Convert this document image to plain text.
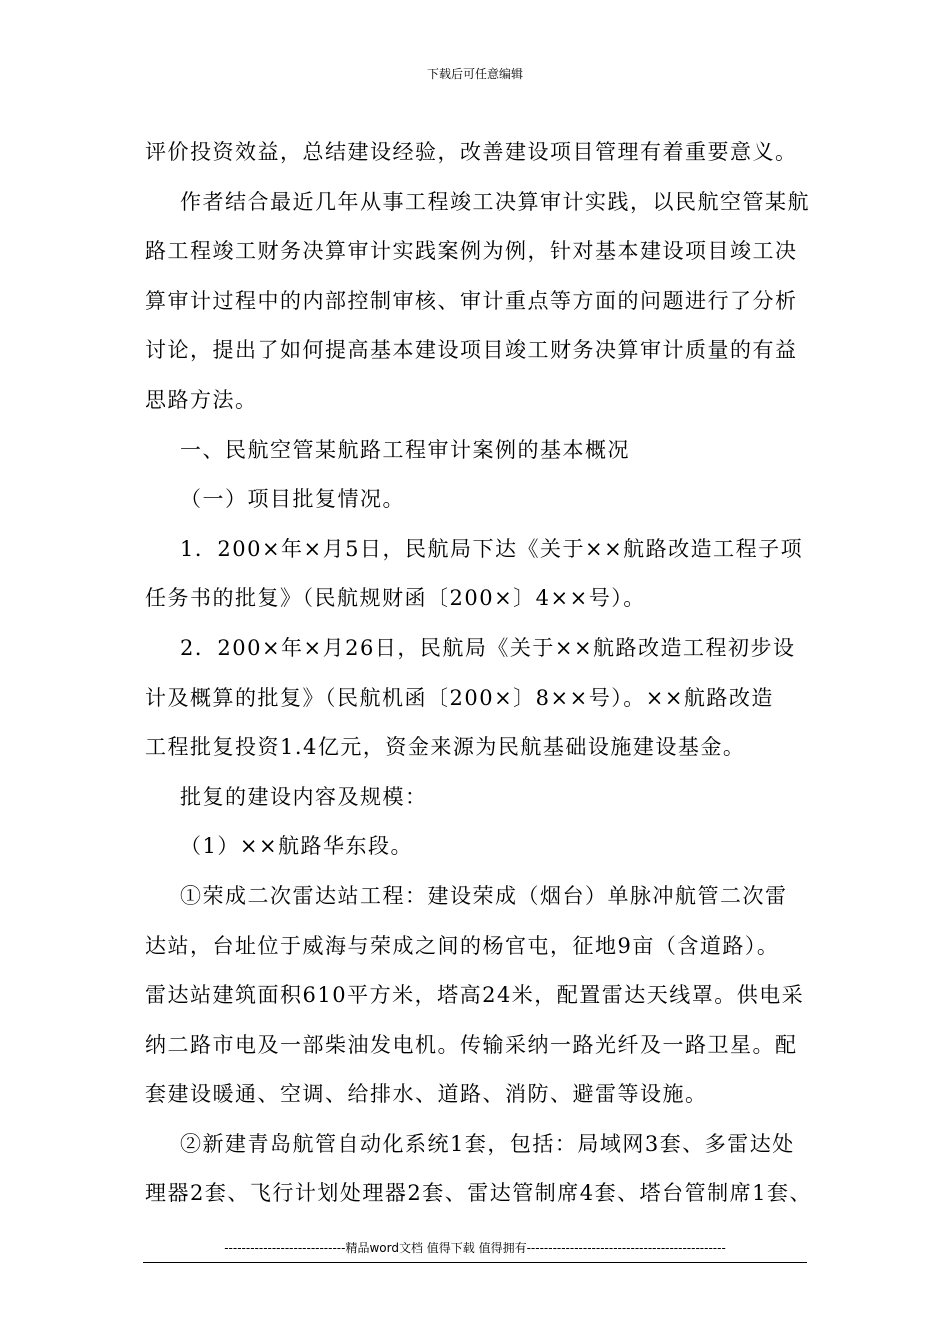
下载后可任意编辑
评价投资效益，总结建设经验，改善建设项目管理有着重要意义。
作者结合最近几年从事工程竣工决算审计实践，以民航空管某航
路工程竣工财务决算审计实践案例为例，针对基本建设项目竣工决
算审计过程中的内部控制审核、审计重点等方面的问题进行了分析
讨论，提出了如何提高基本建设项目竣工财务决算审计质量的有益
思路方法。
一、民航空管某航路工程审计案例的基本概况
（一）项目批复情况。
1．200×年×月5日，民航局下达《关于××航路改造工程子项
任务书的批复》（民航规财函〔200×〕4××号）。
2．200×年×月26日，民航局《关于××航路改造工程初步设
计及概算的批复》（民航机函〔200×〕8××号）。××航路改造
工程批复投资1.4亿元，资金来源为民航基础设施建设基金。
批复的建设内容及规模：
（1）××航路华东段。
①荣成二次雷达站工程：建设荣成（烟台）单脉冲航管二次雷
达站，台址位于威海与荣成之间的杨官屯，征地9亩（含道路）。
雷达站建筑面积610平方米，塔高24米，配置雷达天线罩。供电采
纳二路市电及一部柴油发电机。传输采纳一路光纤及一路卫星。配
套建设暖通、空调、给排水、道路、消防、避雷等设施。
②新建青岛航管自动化系统1套，包括：局域网3套、多雷达处
理器2套、飞行计划处理器2套、雷达管制席4套、塔台管制席1套、
----------------------------精品word文档 值得下载 值得拥有----------------------------------------------
